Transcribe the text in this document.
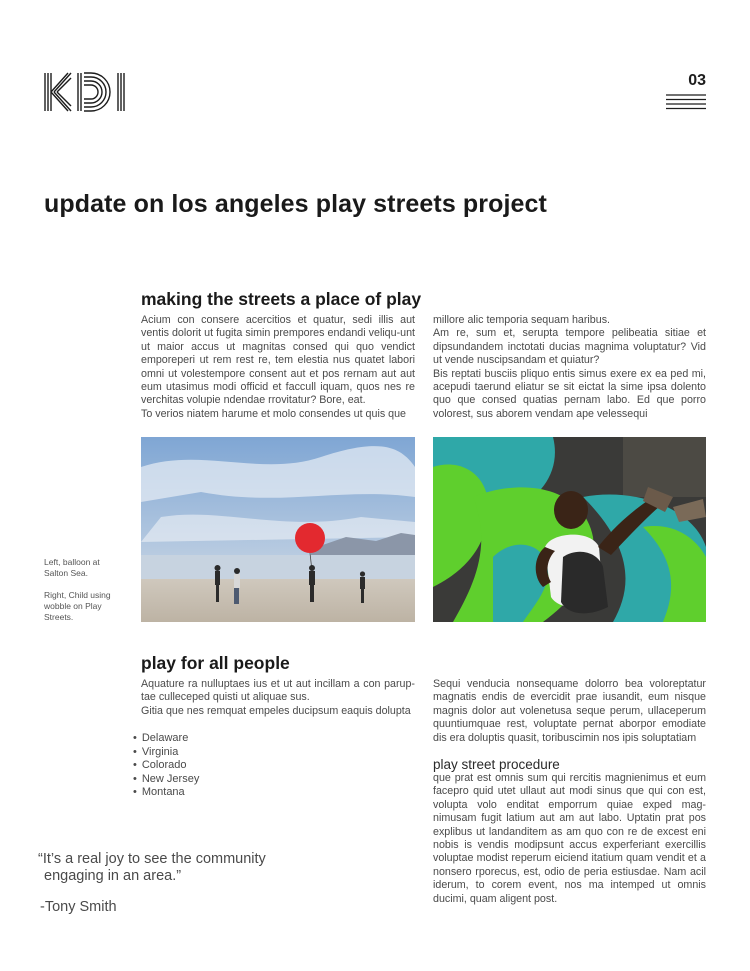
03
update on los angeles play streets project
making the streets a place of play

Acium con consere acercitios et quatur, sedi illis aut ventis dolorit ut fugita simin prempores endandi veliqu-unt ut maior accus ut magnitas consed qui quo vendict emporeperi ut rem rest re, tem elestia nus quatet labori omni ut volestempore consent aut et pos rernam aut aut eum utasimus modi officid et faccull iquam, quos nes re verchitas volupie ndendae rrovitatur? Bore, eat.

To verios niatem harume et molo consendes ut quis que

millore alic temporia sequam haribus.

Am re, sum et, serupta tempore pelibeatia sitiae et dipsundandem inctotati ducias magnima voluptatur? Vid ut vende nuscipsandam et quiatur?

Bis reptati busciis pliquo entis simus exere ex ea ped mi, acepudi taerund eliatur se sit eictat la sime ipsa dolento quo que consed quatias pernam labo. Ed que porro volorest, sus aborem vendam ape velessequi

Left, balloon at Salton Sea.

Right, Child using wobble on Play Streets.

play for all people

Aquature ra nulluptaes ius et ut aut incillam a con parup-tae culleceped quisti ut aliquae sus.

Gitia que nes remquat empeles ducipsum eaquis dolupta

• Delaware
• Virginia
• Colorado
• New Jersey
• Montana
Sequi venducia nonsequame dolorro bea voloreptatur magnatis endis de evercidit prae iusandit, eum nisque magnis dolor aut volenetusa seque perum, ullaceperum quuntiumquae rest, voluptate pernat aborpor emodiate dis era doluptis quasit, toribuscimin nos ipis soluptatiam
play street procedure
que prat est omnis sum qui rercitis magnienimus et eum facepro quid utet ullaut aut modi sinus que qui con est, volupta volo enditat emporrum quiae exped mag-nimusam fugit latium aut am aut labo. Uptatin prat pos explibus ut landanditem as am quo con re de excest eni nobis is vendis modipsunt accus experferiant exercillis voluptae modist reperum eiciend itatium quam vendit et a nonsero rporecus, est, odio de peria estiusdae. Nam acil iderum, to corem event, nos ma intemped ut omnis ducimi, quam aligent post.
“It’s a real joy to see the community
engaging in an area.”
-Tony Smith
